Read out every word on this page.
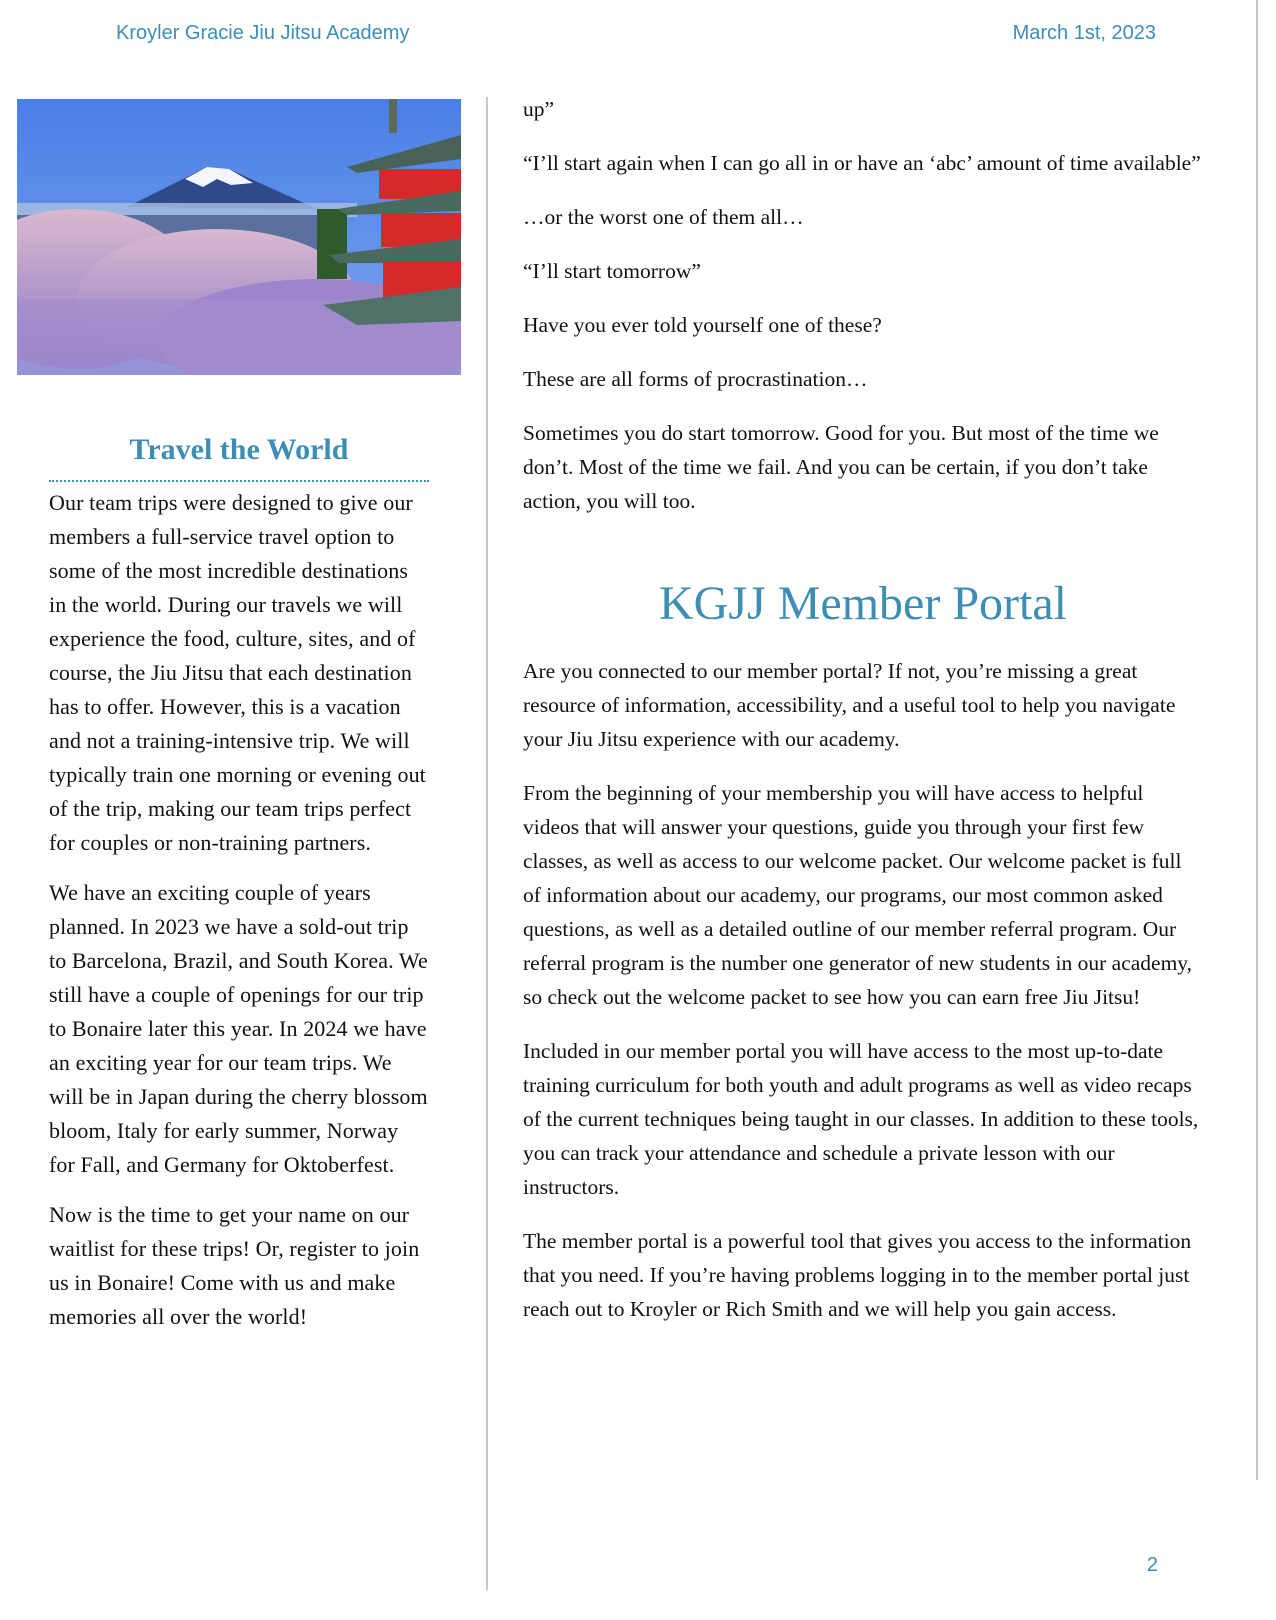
Kroyler Gracie Jiu Jitsu Academy	March 1st, 2023
Travel the World

Our team trips were designed to give our members a full-service travel option to some of the most incredible destinations in the world. During our travels we will experience the food, culture, sites, and of course, the Jiu Jitsu that each destination has to offer. However, this is a vacation and not a training-intensive trip. We will typically train one morning or evening out of the trip, making our team trips perfect for couples or non-training partners.

We have an exciting couple of years planned. In 2023 we have a sold-out trip to Barcelona, Brazil, and South Korea. We still have a couple of openings for our trip to Bonaire later this year. In 2024 we have an exciting year for our team trips. We will be in Japan during the cherry blossom bloom, Italy for early summer, Norway for Fall, and Germany for Oktoberfest.

Now is the time to get your name on our waitlist for these trips! Or, register to join us in Bonaire! Come with us and make memories all over the world!

up”

“I’ll start again when I can go all in or have an ‘abc’ amount of time available”

…or the worst one of them all…

“I’ll start tomorrow”

Have you ever told yourself one of these?

These are all forms of procrastination…

Sometimes you do start tomorrow. Good for you. But most of the time we don’t. Most of the time we fail. And you can be certain, if you don’t take action, you will too.

KGJJ Member Portal

Are you connected to our member portal? If not, you’re missing a great resource of information, accessibility, and a useful tool to help you navigate your Jiu Jitsu experience with our academy.

From the beginning of your membership you will have access to helpful videos that will answer your questions, guide you through your first few classes, as well as access to our welcome packet. Our welcome packet is full of information about our academy, our programs, our most common asked questions, as well as a detailed outline of our member referral program. Our referral program is the number one generator of new students in our academy, so check out the welcome packet to see how you can earn free Jiu Jitsu!

Included in our member portal you will have access to the most up-to-date training curriculum for both youth and adult programs as well as video recaps of the current techniques being taught in our classes. In addition to these tools, you can track your attendance and schedule a private lesson with our instructors.

The member portal is a powerful tool that gives you access to the information that you need. If you’re having problems logging in to the member portal just reach out to Kroyler or Rich Smith and we will help you gain access.

2
